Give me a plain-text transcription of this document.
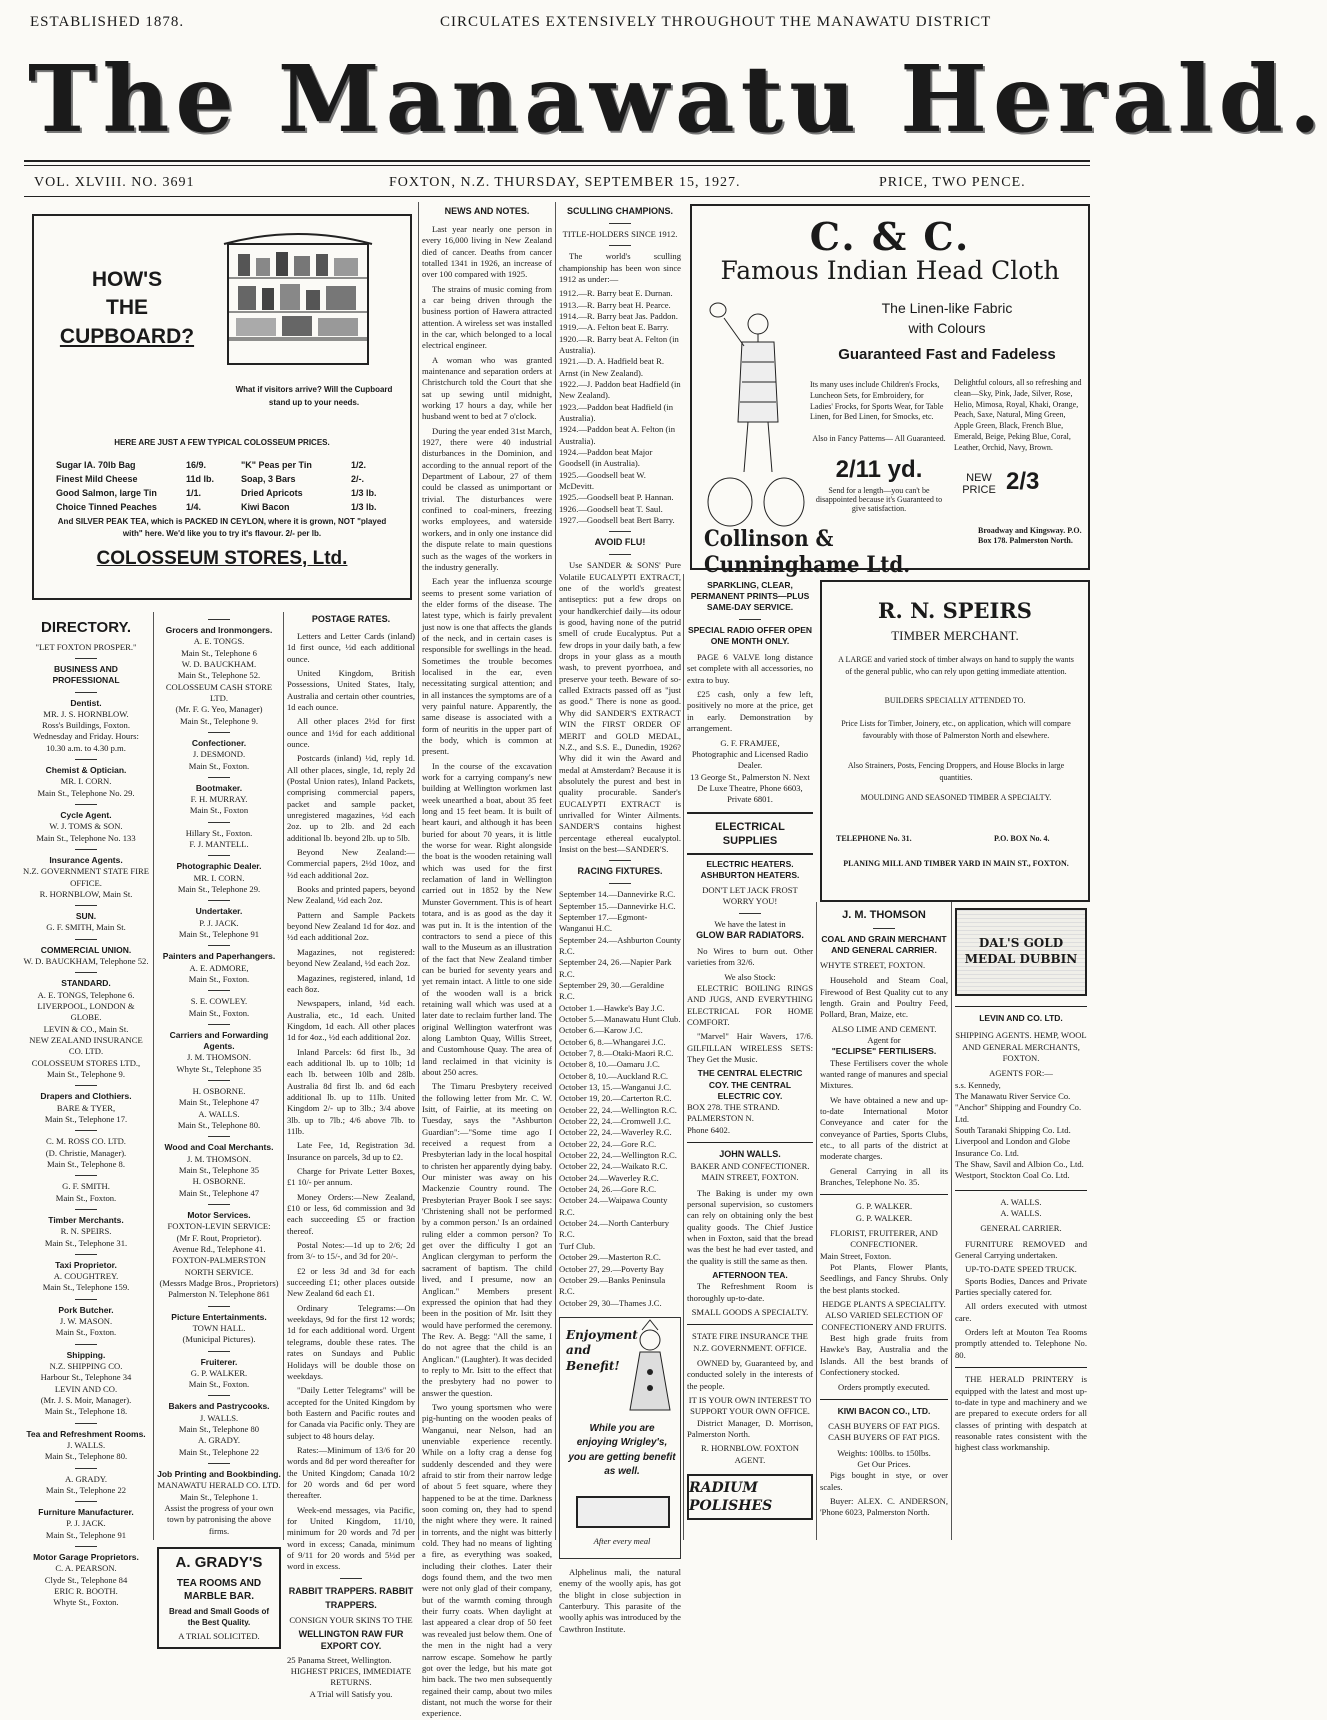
ESTABLISHED 1878.	CIRCULATES EXTENSIVELY THROUGHOUT THE MANAWATU DISTRICT
The Manawatu Herald.
VOL. XLVIII. NO. 3691	FOXTON, N.Z. THURSDAY, SEPTEMBER 15, 1927.	PRICE, TWO PENCE.
HOW'S
THE
CUPBOARD?
What if visitors arrive? Will the Cupboard stand up to your needs.
HERE ARE JUST A FEW TYPICAL COLOSSEUM PRICES.
Sugar IA. 70lb Bag	16/9.	"K" Peas per Tin	1/2.
Finest Mild Cheese	11d lb.	Soap, 3 Bars	2/-.
Good Salmon, large Tin	1/1.	Dried Apricots	1/3 lb.
Choice Tinned Peaches	1/4.	Kiwi Bacon	1/3 lb.
And SILVER PEAK TEA, which is PACKED IN CEYLON, where it is grown, NOT "played with" here. We'd like you to try it's flavour. 2/- per lb.
COLOSSEUM STORES, Ltd.
DIRECTORY.
"LET FOXTON PROSPER."
BUSINESS AND PROFESSIONAL
Dentist.
MR. J. S. HORNBLOW.
Ross's Buildings, Foxton.
Wednesday and Friday. Hours:
10.30 a.m. to 4.30 p.m.
Chemist & Optician.
MR. I. CORN.
Main St., Telephone No. 29.
Cycle Agent.
W. J. TOMS & SON.
Main St., Telephone No. 133
Insurance Agents.
N.Z. GOVERNMENT STATE FIRE OFFICE.
R. HORNBLOW, Main St.
SUN.
G. F. SMITH, Main St.
COMMERCIAL UNION.
W. D. BAUCKHAM, Telephone 52.
STANDARD.
A. E. TONGS, Telephone 6.
LIVERPOOL, LONDON & GLOBE.
LEVIN & CO., Main St.
NEW ZEALAND INSURANCE CO. LTD.
COLOSSEUM STORES LTD., Main St., Telephone 9.
Drapers and Clothiers.
BARE & TYER,
Main St., Telephone 17.
C. M. ROSS CO. LTD.
(D. Christie, Manager).
Main St., Telephone 8.
G. F. SMITH.
Main St., Foxton.
Timber Merchants.
R. N. SPEIRS.
Main St., Telephone 31.
Taxi Proprietor.
A. COUGHTREY.
Main St., Telephone 159.
Pork Butcher.
J. W. MASON.
Main St., Foxton.
Shipping.
N.Z. SHIPPING CO.
Harbour St., Telephone 34
LEVIN AND CO.
(Mr. J. S. Moir, Manager).
Main St., Telephone 18.
Tea and Refreshment Rooms.
J. WALLS.
Main St., Telephone 80.
A. GRADY.
Main St., Telephone 22
Furniture Manufacturer.
P. J. JACK.
Main St., Telephone 91
Motor Garage Proprietors.
C. A. PEARSON.
Clyde St., Telephone 84
ERIC R. BOOTH.
Whyte St., Foxton.
Grocers and Ironmongers.
A. E. TONGS.
Main St., Telephone 6
W. D. BAUCKHAM.
Main St., Telephone 52.
COLOSSEUM CASH STORE LTD.
(Mr. F. G. Yeo, Manager)
Main St., Telephone 9.
Confectioner.
J. DESMOND.
Main St., Foxton.
Bootmaker.
F. H. MURRAY.
Main St., Foxton
Hillary St., Foxton.
F. J. MANTELL.
Photographic Dealer.
MR. I. CORN.
Main St., Telephone 29.
Undertaker.
P. J. JACK.
Main St., Telephone 91
Painters and Paperhangers.
A. E. ADMORE,
Main St., Foxton.
S. E. COWLEY.
Main St., Foxton.
Carriers and Forwarding Agents.
J. M. THOMSON.
Whyte St., Telephone 35
H. OSBORNE.
Main St., Telephone 47
A. WALLS.
Main St., Telephone 80.
Wood and Coal Merchants.
J. M. THOMSON.
Main St., Telephone 35
H. OSBORNE.
Main St., Telephone 47
Motor Services.
FOXTON-LEVIN SERVICE:
(Mr F. Rout, Proprietor).
Avenue Rd., Telephone 41.
FOXTON-PALMERSTON NORTH SERVICE.
(Messrs Madge Bros., Proprietors)
Palmerston N. Telephone 861
Picture Entertainments.
TOWN HALL.
(Municipal Pictures).
Fruiterer.
G. P. WALKER.
Main St., Foxton.
Bakers and Pastrycooks.
J. WALLS.
Main St., Telephone 80
A. GRADY.
Main St., Telephone 22
Job Printing and Bookbinding.
MANAWATU HERALD CO. LTD.
Main St., Telephone 1.
Assist the progress of your own town by patronising the above firms.
A. GRADY'S
TEA ROOMS AND MARBLE BAR.
Bread and Small Goods of the Best Quality.
A TRIAL SOLICITED.
POSTAGE RATES.

Letters and Letter Cards (inland) 1d first ounce, ½d each additional ounce.

United Kingdom, British Possessions, United States, Italy, Australia and certain other countries, 1d each ounce.

All other places 2½d for first ounce and 1½d for each additional ounce.

Postcards (inland) ½d, reply 1d. All other places, single, 1d, reply 2d (Postal Union rates), Inland Packets, comprising commercial papers, packet and sample packet, unregistered magazines, ½d each 2oz. up to 2lb. and 2d each additional lb. beyond 2lb. up to 5lb.

Beyond New Zealand:—Commercial papers, 2½d 10oz, and ½d each additional 2oz.

Books and printed papers, beyond New Zealand, ½d each 2oz.

Pattern and Sample Packets beyond New Zealand 1d for 4oz. and ½d each additional 2oz.

Magazines, not registered: beyond New Zealand, ½d each 2oz.

Magazines, registered, inland, 1d each 8oz.

Newspapers, inland, ½d each. Australia, etc., 1d each. United Kingdom, 1d each. All other places 1d for 4oz., ½d each additional 2oz.

Inland Parcels: 6d first lb., 3d each additional lb. up to 10lb; 1d each lb. between 10lb and 28lb. Australia 8d first lb. and 6d each additional lb. up to 11lb. United Kingdom 2/- up to 3lb.; 3/4 above 3lb. up to 7lb.; 4/6 above 7lb. to 11lb.

Late Fee, 1d, Registration 3d. Insurance on parcels, 3d up to £2.

Charge for Private Letter Boxes, £1 10/- per annum.

Money Orders:—New Zealand, £10 or less, 6d commission and 3d each succeeding £5 or fraction thereof.

Postal Notes:—1d up to 2/6; 2d from 3/- to 15/-, and 3d for 20/-.

£2 or less 3d and 3d for each succeeding £1; other places outside New Zealand 6d each £1.

Ordinary Telegrams:—On weekdays, 9d for the first 12 words; 1d for each additional word. Urgent telegrams, double these rates. The rates on Sundays and Public Holidays will be double those on weekdays.

"Daily Letter Telegrams" will be accepted for the United Kingdom by both Eastern and Pacific routes and for Canada via Pacific only. They are subject to 48 hours delay.

Rates:—Minimum of 13/6 for 20 words and 8d per word thereafter for the United Kingdom; Canada 10/2 for 20 words and 6d per word thereafter.

Week-end messages, via Pacific, for United Kingdom, 11/10, minimum for 20 words and 7d per word in excess; Canada, minimum of 9/11 for 20 words and 5½d per word in excess.

RABBIT TRAPPERS. RABBIT TRAPPERS.
CONSIGN YOUR SKINS TO THE
WELLINGTON RAW FUR EXPORT COY.
25 Panama Street, Wellington.
HIGHEST PRICES, IMMEDIATE RETURNS.
A Trial will Satisfy you.
NEWS AND NOTES.

Last year nearly one person in every 16,000 living in New Zealand died of cancer. Deaths from cancer totalled 1341 in 1926, an increase of over 100 compared with 1925.

The strains of music coming from a car being driven through the business portion of Hawera attracted attention. A wireless set was installed in the car, which belonged to a local electrical engineer.

A woman who was granted maintenance and separation orders at Christchurch told the Court that she sat up sewing until midnight, working 17 hours a day, while her husband went to bed at 7 o'clock.

During the year ended 31st March, 1927, there were 40 industrial disturbances in the Dominion, and according to the annual report of the Department of Labour, 27 of them could be classed as unimportant or trivial. The disturbances were confined to coal-miners, freezing works employees, and waterside workers, and in only one instance did the dispute relate to main questions such as the wages of the workers in the industry generally.

Each year the influenza scourge seems to present some variation of the elder forms of the disease. The latest type, which is fairly prevalent just now is one that affects the glands of the neck, and in certain cases is responsible for swellings in the head. Sometimes the trouble becomes localised in the ear, even necessitating surgical attention; and in all instances the symptoms are of a very painful nature. Apparently, the same disease is associated with a form of neuritis in the upper part of the body, which is common at present.

In the course of the excavation work for a carrying company's new building at Wellington workmen last week unearthed a boat, about 35 feet long and 15 feet beam. It is built of heart kauri, and although it has been buried for about 70 years, it is little the worse for wear. Right alongside the boat is the wooden retaining wall which was used for the first reclamation of land in Wellington carried out in 1852 by the New Munster Government. This is of heart totara, and is as good as the day it was put in. It is the intention of the contractors to send a piece of this wall to the Museum as an illustration of the fact that New Zealand timber can be buried for seventy years and yet remain intact. A little to one side of the wooden wall is a brick retaining wall which was used at a later date to reclaim further land. The original Wellington waterfront was along Lambton Quay, Willis Street, and Customhouse Quay. The area of land reclaimed in that vicinity is about 250 acres.

The Timaru Presbytery received the following letter from Mr. C. W. Isitt, of Fairlie, at its meeting on Tuesday, says the "Ashburton Guardian":—"Some time ago I received a request from a Presbyterian lady in the local hospital to christen her apparently dying baby. Our minister was away on his Mackenzie Country round. The Presbyterian Prayer Book I see says: 'Christening shall not be performed by a common person.' Is an ordained ruling elder a common person? To get over the difficulty I got an Anglican clergyman to perform the sacrament of baptism. The child lived, and I presume, now an Anglican." Members present expressed the opinion that had they been in the position of Mr. Isitt they would have performed the ceremony. The Rev. A. Begg: "All the same, I do not agree that the child is an Anglican." (Laughter). It was decided to reply to Mr. Isitt to the effect that the presbytery had no power to answer the question.

Two young sportsmen who were pig-hunting on the wooden peaks of Wanganui, near Nelson, had an unenviable experience recently. While on a lofty crag a dense fog suddenly descended and they were afraid to stir from their narrow ledge of about 5 feet square, where they happened to be at the time. Darkness soon coming on, they had to spend the night where they were. It rained in torrents, and the night was bitterly cold. They had no means of lighting a fire, as everything was soaked, including their clothes. Later their dogs found them, and the two men were not only glad of their company, but of the warmth coming through their furry coats. When daylight at last appeared a clear drop of 50 feet was revealed just below them. One of the men in the night had a very narrow escape. Somehow he partly got over the ledge, but his mate got him back. The two men subsequently regained their camp, about two miles distant, not much the worse for their experience.

SCULLING CHAMPIONS.
TITLE-HOLDERS SINCE 1912.

The world's sculling championship has been won since 1912 as under:—

1912.—R. Barry beat E. Durnan.
1913.—R. Barry beat H. Pearce.
1914.—R. Barry beat Jas. Paddon.
1919.—A. Felton beat E. Barry.
1920.—R. Barry beat A. Felton (in Australia).
1921.—D. A. Hadfield beat R. Arnst (in New Zealand).
1922.—J. Paddon beat Hadfield (in New Zealand).
1923.—Paddon beat Hadfield (in Australia).
1924.—Paddon beat A. Felton (in Australia).
1924.—Paddon beat Major Goodsell (in Australia).
1925.—Goodsell beat W. McDevitt.
1925.—Goodsell beat P. Hannan.
1926.—Goodsell beat T. Saul.
1927.—Goodsell beat Bert Barry.
AVOID FLU!

Use SANDER & SONS' Pure Volatile EUCALYPTI EXTRACT, one of the world's greatest antiseptics: put a few drops on your handkerchief daily—its odour is good, having none of the putrid smell of crude Eucalyptus. Put a few drops in your daily bath, a few drops in your glass as a mouth wash, to prevent pyorrhoea, and preserve your teeth. Beware of so-called Extracts passed off as "just as good." There is none as good. Why did SANDER'S EXTRACT WIN the FIRST ORDER OF MERIT and GOLD MEDAL, N.Z., and S.S. E., Dunedin, 1926? Why did it win the Award and medal at Amsterdam? Because it is absolutely the purest and best in quality procurable. Sander's EUCALYPTI EXTRACT is unrivalled for Winter Ailments. SANDER'S contains highest percentage ethereal eucalyptol. Insist on the best—SANDER'S.

RACING FIXTURES.
September 14.—Dannevirke R.C.
September 15.—Dannevirke H.C.
September 17.—Egmont-Wanganui H.C.
September 24.—Ashburton County R.C.
September 24, 26.—Napier Park R.C.
September 29, 30.—Geraldine R.C.
October 1.—Hawke's Bay J.C.
October 5.—Manawatu Hunt Club.
October 6.—Karow J.C.
October 6, 8.—Whangarei J.C.
October 7, 8.—Otaki-Maori R.C.
October 8, 10.—Oamaru J.C.
October 8, 10.—Auckland R.C.
October 13, 15.—Wanganui J.C.
October 19, 20.—Carterton R.C.
October 22, 24.—Wellington R.C.
October 22, 24.—Cromwell J.C.
October 22, 24.—Waverley R.C.
October 22, 24.—Gore R.C.
October 22, 24.—Wellington R.C.
October 22, 24.—Waikato R.C.
October 24.—Waverley R.C.
October 24, 26.—Gore R.C.
October 24.—Waipawa County R.C.
October 24.—North Canterbury R.C.
Turf Club.
October 29.—Masterton R.C.
October 27, 29.—Poverty Bay
October 29.—Banks Peninsula R.C.
October 29, 30—Thames J.C.
Enjoyment
and
Benefit!
While you are enjoying Wrigley's, you are getting benefit as well.
After every meal

Alphelinus mali, the natural enemy of the woolly apis, has got the blight in close subjection in Canterbury. This parasite of the woolly aphis was introduced by the Cawthron Institute.

C. & C.
Famous Indian Head Cloth
The Linen-like Fabric
with Colours
Guaranteed Fast and Fadeless
Its many uses include Children's Frocks, Luncheon Sets, for Embroidery, for Ladies' Frocks, for Sports Wear, for Table Linen, for Bed Linen, for Smocks, etc.
Also in Fancy Patterns— All Guaranteed.
2/11 yd.
Send for a length—you can't be disappointed because it's Guaranteed to give satisfaction.
Delightful colours, all so refreshing and clean—Sky, Pink, Jade, Silver, Rose, Helio, Mimosa, Royal, Khaki, Orange, Peach, Saxe, Natural, Ming Green, Apple Green, Black, French Blue, Emerald, Beige, Peking Blue, Coral, Leather, Orchid, Navy, Brown.
NEW PRICE 2/3
Collinson & Cunninghame Ltd.
Broadway and Kingsway. P.O. Box 178. Palmerston North.
SPARKLING, CLEAR, PERMANENT PRINTS—PLUS SAME-DAY SERVICE.
SPECIAL RADIO OFFER OPEN ONE MONTH ONLY.

PAGE 6 VALVE long distance set complete with all accessories, no extra to buy.

£25 cash, only a few left, positively no more at the price, get in early. Demonstration by arrangement.

G. F. FRAMJEE,
Photographic and Licensed Radio Dealer.
13 George St., Palmerston N. Next De Luxe Theatre, Phone 6603, Private 6801.
ELECTRICAL SUPPLIES
ELECTRIC HEATERS. ASHBURTON HEATERS.
DON'T LET JACK FROST WORRY YOU!
We have the latest in
GLOW BAR RADIATORS.

No Wires to burn out. Other varieties from 32/6.

We also Stock:

ELECTRIC BOILING RINGS AND JUGS, AND EVERYTHING ELECTRICAL FOR HOME COMFORT.

"Marvel" Hair Wavers, 17/6. GILFILLAN WIRELESS SETS: They Get the Music.

THE CENTRAL ELECTRIC COY. THE CENTRAL ELECTRIC COY.
BOX 278. THE STRAND. PALMERSTON N.
Phone 6402.
JOHN WALLS.
BAKER AND CONFECTIONER.
MAIN STREET, FOXTON.

The Baking is under my own personal supervision, so customers can rely on obtaining only the best quality goods. The Chief Justice when in Foxton, said that the bread was the best he had ever tasted, and the quality is still the same as then.

AFTERNOON TEA.

The Refreshment Room is thoroughly up-to-date.

SMALL GOODS A SPECIALTY.
STATE FIRE INSURANCE THE N.Z. GOVERNMENT. OFFICE.

OWNED by, Guaranteed by, and conducted solely in the interests of the people.

IT IS YOUR OWN INTEREST TO SUPPORT YOUR OWN OFFICE.

District Manager, D. Morrison, Palmerston North.

R. HORNBLOW. FOXTON AGENT.
RADIUM POLISHES
R. N. SPEIRS
TIMBER MERCHANT.
A LARGE and varied stock of timber always on hand to supply the wants of the general public, who can rely upon getting immediate attention.
BUILDERS SPECIALLY ATTENDED TO.
Price Lists for Timber, Joinery, etc., on application, which will compare favourably with those of Palmerston North and elsewhere.
Also Strainers, Posts, Fencing Droppers, and House Blocks in large quantities.
MOULDING AND SEASONED TIMBER A SPECIALTY.
TELEPHONE No. 31.	P.O. BOX No. 4.
PLANING MILL AND TIMBER YARD IN MAIN ST., FOXTON.
J. M. THOMSON
COAL AND GRAIN MERCHANT AND GENERAL CARRIER.
WHYTE STREET, FOXTON.

Household and Steam Coal, Firewood of Best Quality cut to any length. Grain and Poultry Feed, Pollard, Bran, Maize, etc.

ALSO LIME AND CEMENT.
Agent for
"ECLIPSE" FERTILISERS.

These Fertilisers cover the whole wanted range of manures and special Mixtures.

We have obtained a new and up-to-date International Motor Conveyance and cater for the conveyance of Parties, Sports Clubs, etc., to all parts of the district at moderate charges.

General Carrying in all its Branches, Telephone No. 35.

G. P. WALKER.
G. P. WALKER.
FLORIST, FRUITERER, AND CONFECTIONER.
Main Street, Foxton.

Pot Plants, Flower Plants, Seedlings, and Fancy Shrubs. Only the best plants stocked.

HEDGE PLANTS A SPECIALITY.
ALSO VARIED SELECTION OF CONFECTIONERY AND FRUITS.

Best high grade fruits from Hawke's Bay, Australia and the Islands. All the best brands of Confectionery stocked.

Orders promptly executed.
KIWI BACON CO., LTD.
CASH BUYERS OF FAT PIGS.
CASH BUYERS OF FAT PIGS.
Weights: 100lbs. to 150lbs.
Get Our Prices.

Pigs bought in stye, or over scales.

Buyer: ALEX. C. ANDERSON, 'Phone 6023, Palmerston North.

DAL'S GOLD MEDAL DUBBIN
LEVIN AND CO. LTD.
SHIPPING AGENTS. HEMP, WOOL AND GENERAL MERCHANTS, FOXTON.
AGENTS FOR:—
s.s. Kennedy,
The Manawatu River Service Co.
"Anchor" Shipping and Foundry Co. Ltd.
South Taranaki Shipping Co. Ltd.
Liverpool and London and Globe Insurance Co. Ltd.
The Shaw, Savil and Albion Co., Ltd.
Westport, Stockton Coal Co. Ltd.
A. WALLS.
A. WALLS.
GENERAL CARRIER.

FURNITURE REMOVED and General Carrying undertaken.

UP-TO-DATE SPEED TRUCK.

Sports Bodies, Dances and Private Parties specially catered for.

All orders executed with utmost care.

Orders left at Mouton Tea Rooms promptly attended to. Telephone No. 80.

THE HERALD PRINTERY is equipped with the latest and most up-to-date in type and machinery and we are prepared to execute orders for all classes of printing with despatch at reasonable rates consistent with the highest class workmanship.
